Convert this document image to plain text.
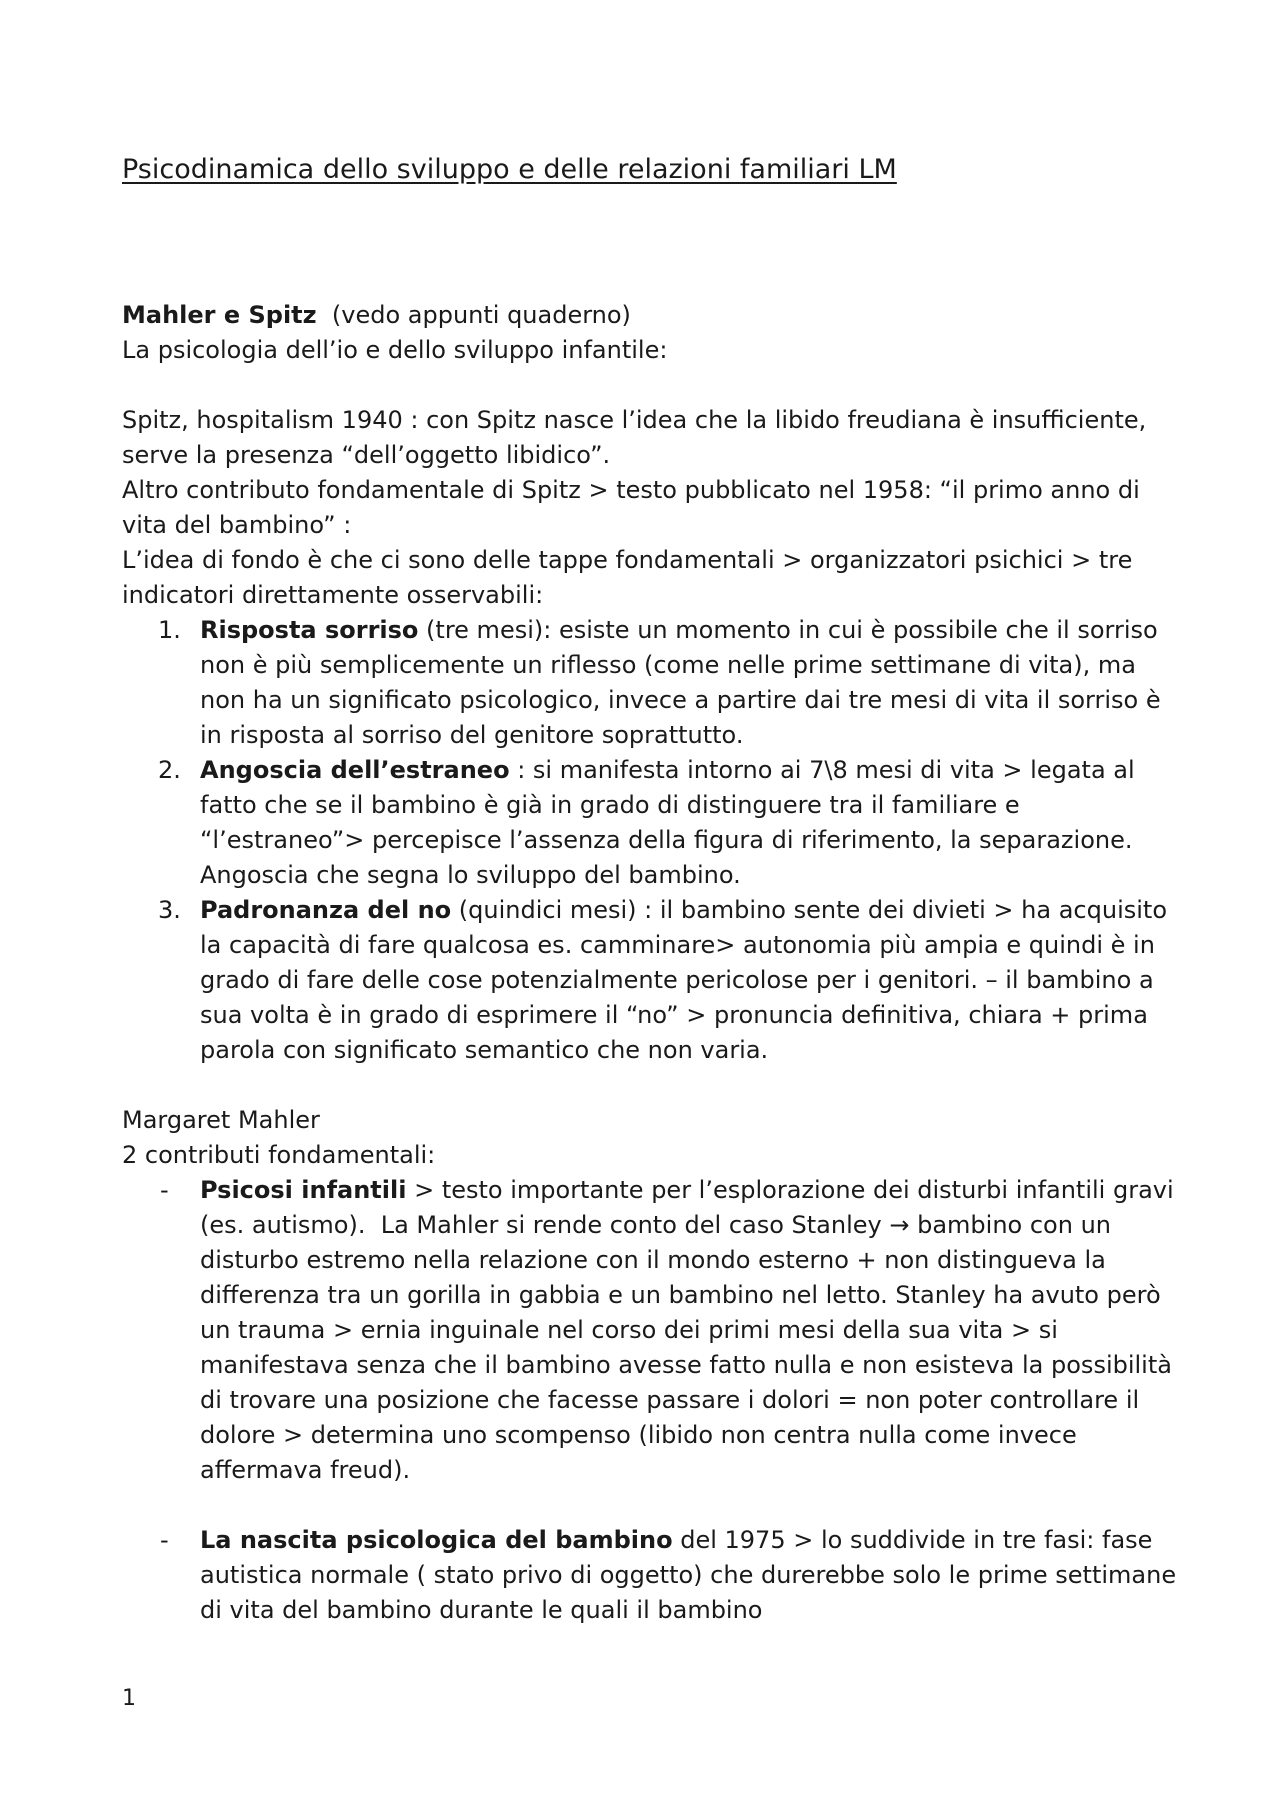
Psicodinamica dello sviluppo e delle relazioni familiari LM

Mahler e Spitz  (vedo appunti quaderno)

La psicologia dell’io e dello sviluppo infantile:

Spitz, hospitalism 1940 : con Spitz nasce l’idea che la libido freudiana è insufficiente, serve la presenza “dell’oggetto libidico”.

Altro contributo fondamentale di Spitz > testo pubblicato nel 1958: “il primo anno di vita del bambino” :

L’idea di fondo è che ci sono delle tappe fondamentali > organizzatori psichici > tre indicatori direttamente osservabili:

1. Risposta sorriso (tre mesi): esiste un momento in cui è possibile che il sorriso non è più semplicemente un riflesso (come nelle prime settimane di vita), ma non ha un significato psicologico, invece a partire dai tre mesi di vita il sorriso è in risposta al sorriso del genitore soprattutto.
2. Angoscia dell’estraneo : si manifesta intorno ai 7\8 mesi di vita > legata al fatto che se il bambino è già in grado di distinguere tra il familiare e “l’estraneo”> percepisce l’assenza della figura di riferimento, la separazione. Angoscia che segna lo sviluppo del bambino.
3. Padronanza del no (quindici mesi) : il bambino sente dei divieti > ha acquisito la capacità di fare qualcosa es. camminare> autonomia più ampia e quindi è in grado di fare delle cose potenzialmente pericolose per i genitori. – il bambino a sua volta è in grado di esprimere il “no” > pronuncia definitiva, chiara + prima parola con significato semantico che non varia.

Margaret Mahler

2 contributi fondamentali:

- Psicosi infantili > testo importante per l’esplorazione dei disturbi infantili gravi (es. autismo).  La Mahler si rende conto del caso Stanley → bambino con un disturbo estremo nella relazione con il mondo esterno + non distingueva la differenza tra un gorilla in gabbia e un bambino nel letto. Stanley ha avuto però un trauma > ernia inguinale nel corso dei primi mesi della sua vita > si manifestava senza che il bambino avesse fatto nulla e non esisteva la possibilità di trovare una posizione che facesse passare i dolori = non poter controllare il dolore > determina uno scompenso (libido non centra nulla come invece affermava freud).
- La nascita psicologica del bambino del 1975 > lo suddivide in tre fasi: fase autistica normale ( stato privo di oggetto) che durerebbe solo le prime settimane di vita del bambino durante le quali il bambino
1
